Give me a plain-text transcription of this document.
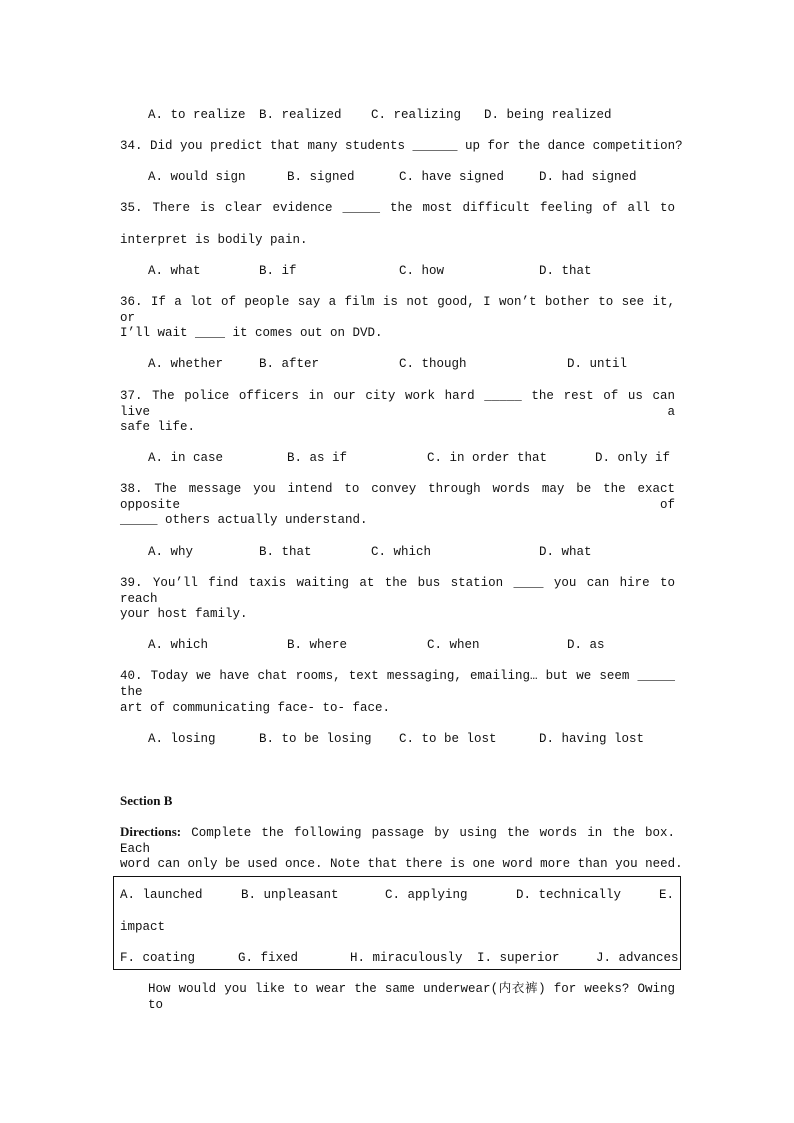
A. to realize B. realized C. realizing D. being realized
34. Did you predict that many students ______ up for the dance competition?
A. would sign	B. signed	C. have signed	D. had signed
35. There is clear evidence _____ the most difficult feeling of all to
interpret is bodily pain.
A. what	B. if	C. how	D. that
36. If a lot of people say a film is not good, I won’t bother to see it, or
I’ll wait ____ it comes out on DVD.
A. whether	B. after	C. though	D. until
37. The police officers in our city work hard _____ the rest of us can live a
safe life.
A. in case	B. as if	C. in order that	D. only if
38. The message you intend to convey through words may be the exact opposite of
_____ others actually understand.
A. why	B. that	C. which	D. what
39. You’ll find taxis waiting at the bus station ____ you can hire to reach
your host family.
A. which	B. where	C. when	D. as
40. Today we have chat rooms, text messaging, emailing… but we seem _____ the
art of communicating face- to- face.
A. losing	B. to be losing C. to be lost	D. having lost
Section B
Directions: Complete the following passage by using the words in the box. Each
word can only be used once. Note that there is one word more than you need.
A. launched	B. unpleasant	C. applying	D. technically	E.
impact
F. coating	G. fixed	H. miraculously I. superior	J. advances
How would you like to wear the same underwear(内衣裤) for weeks? Owing to
